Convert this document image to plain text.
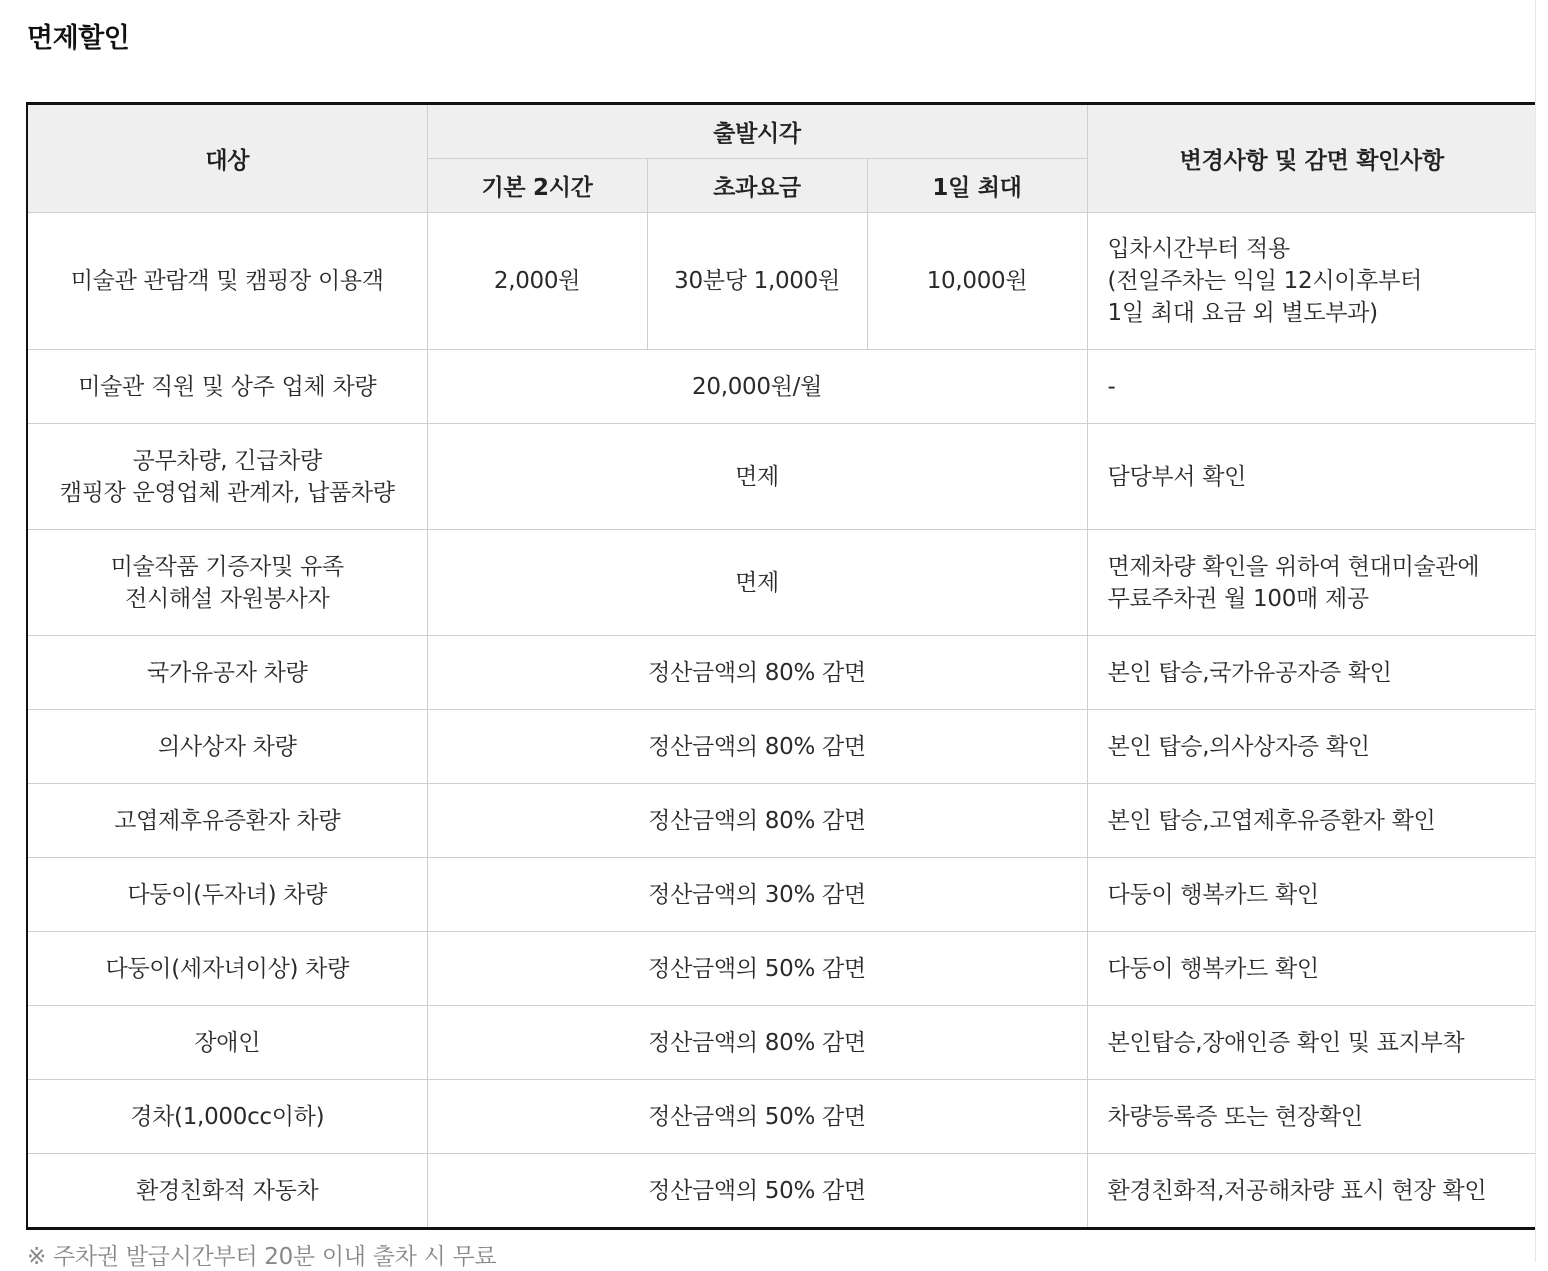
면제할인
대상	출발시각			변경사항 및 감면 확인사항
	기본 2시간	초과요금	1일 최대	
미술관 관람객 및 캠핑장 이용객	2,000원	30분당 1,000원	10,000원	입차시간부터 적용
(전일주차는 익일 12시이후부터
1일 최대 요금 외 별도부과)

미술관 직원 및 상주 업체 차량	20,000원/월			-

공무차량, 긴급차량
캠핑장 운영업체 관계자, 납품차량	면제			담당부서 확인

미술작품 기증자및 유족
전시해설 자원봉사자	면제			면제차량 확인을 위하여 현대미술관에
무료주차권 월 100매 제공

국가유공자 차량	정산금액의 80% 감면			본인 탑승,국가유공자증 확인
의사상자 차량	정산금액의 80% 감면			본인 탑승,의사상자증 확인
고엽제후유증환자 차량	정산금액의 80% 감면			본인 탑승,고엽제후유증환자 확인
다둥이(두자녀) 차량	정산금액의 30% 감면			다둥이 행복카드 확인
다둥이(세자녀이상) 차량	정산금액의 50% 감면			다둥이 행복카드 확인
장애인	정산금액의 80% 감면			본인탑승,장애인증 확인 및 표지부착
경차(1,000cc이하)	정산금액의 50% 감면			차량등록증 또는 현장확인
환경친화적 자동차	정산금액의 50% 감면			환경친화적,저공해차량 표시 현장 확인

※ 주차권 발급시간부터 20분 이내 출차 시 무료
